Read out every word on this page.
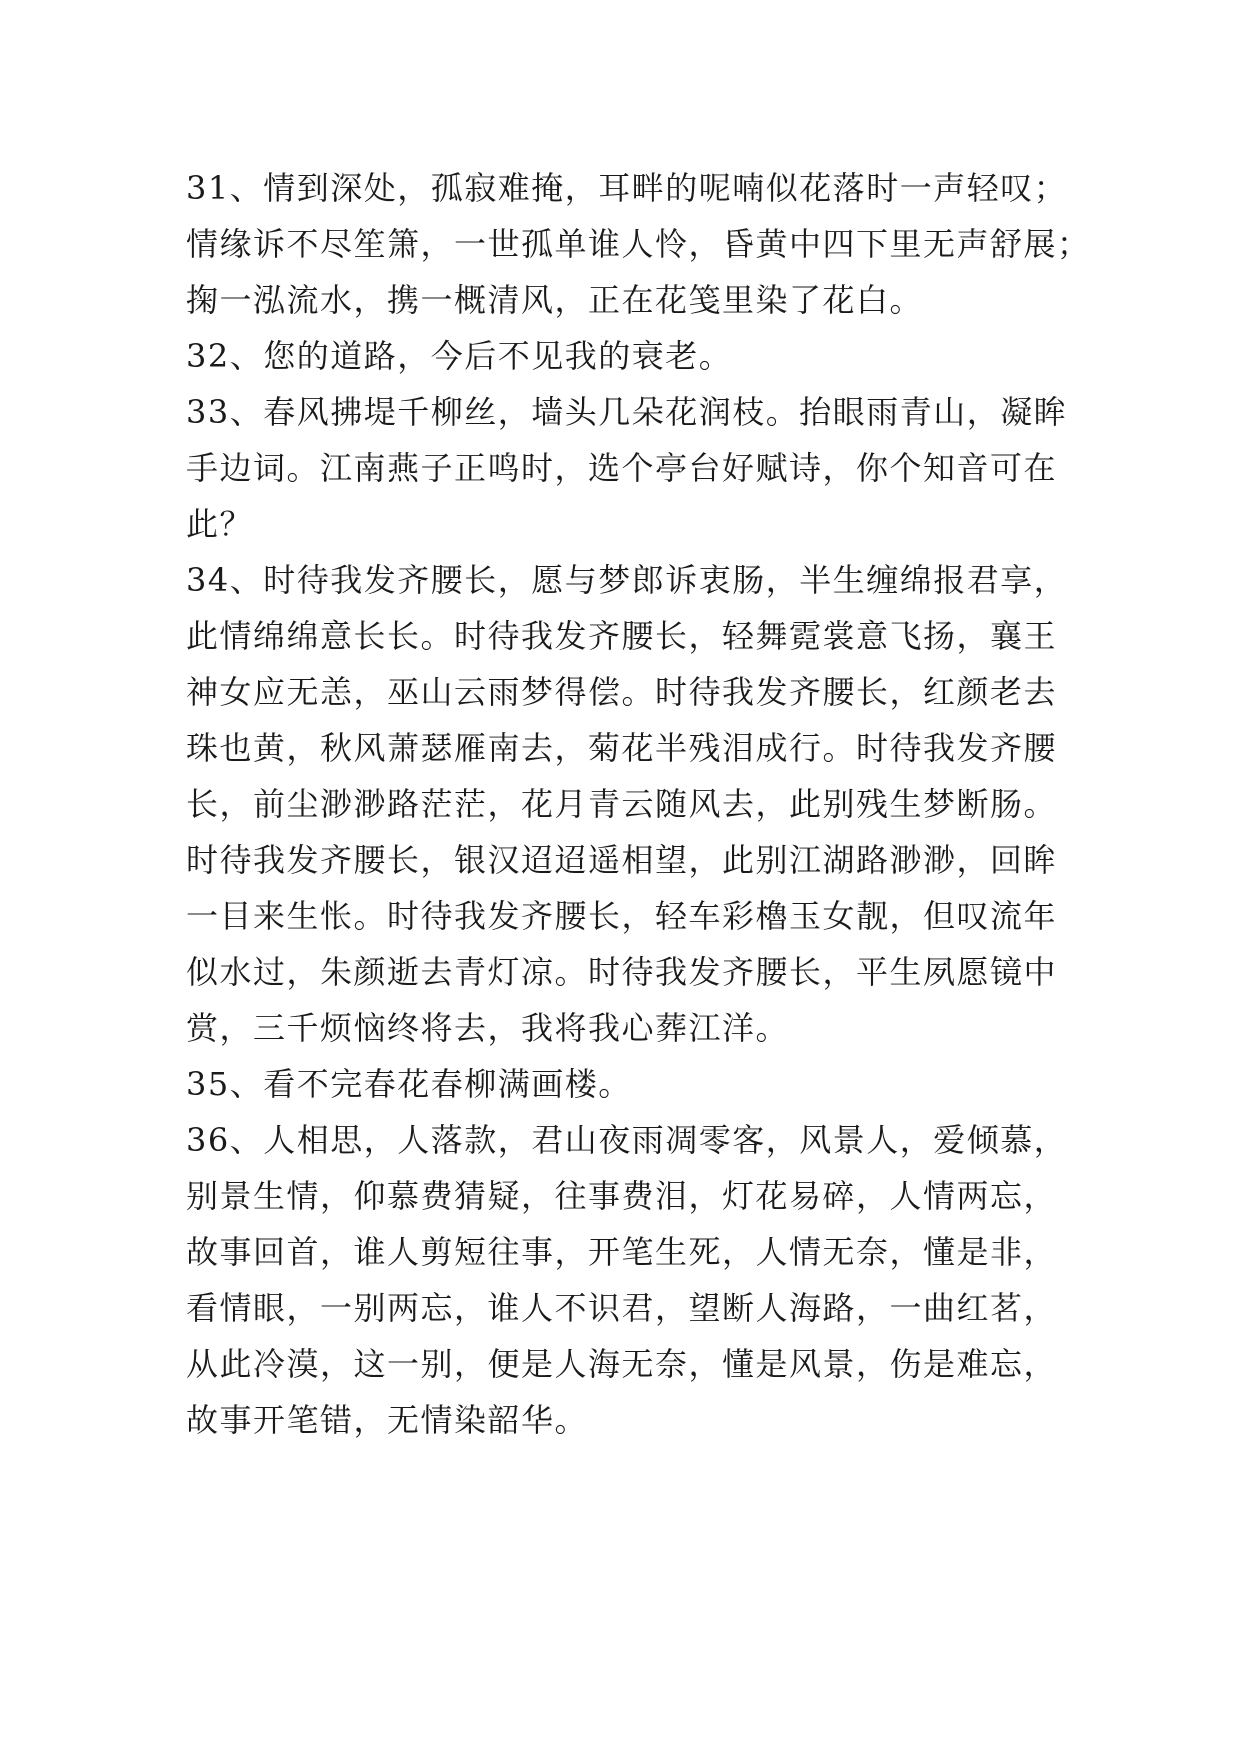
31、情到深处，孤寂难掩，耳畔的呢喃似花落时一声轻叹；
情缘诉不尽笙箫，一世孤单谁人怜，昏黄中四下里无声舒展；
掬一泓流水，携一概清风，正在花笺里染了花白。
32、您的道路，今后不见我的衰老。
33、春风拂堤千柳丝，墙头几朵花润枝。抬眼雨青山，凝眸
手边词。江南燕子正鸣时，选个亭台好赋诗，你个知音可在
此？
34、时待我发齐腰长，愿与梦郎诉衷肠，半生缠绵报君享，
此情绵绵意长长。时待我发齐腰长，轻舞霓裳意飞扬，襄王
神女应无恙，巫山云雨梦得偿。时待我发齐腰长，红颜老去
珠也黄，秋风萧瑟雁南去，菊花半残泪成行。时待我发齐腰
长，前尘渺渺路茫茫，花月青云随风去，此别残生梦断肠。
时待我发齐腰长，银汉迢迢遥相望，此别江湖路渺渺，回眸
一目来生怅。时待我发齐腰长，轻车彩櫓玉女靓，但叹流年
似水过，朱颜逝去青灯凉。时待我发齐腰长，平生夙愿镜中
赏，三千烦恼终将去，我将我心葬江洋。
35、看不完春花春柳满画楼。
36、人相思，人落款，君山夜雨凋零客，风景人，爱倾慕，
别景生情，仰慕费猜疑，往事费泪，灯花易碎，人情两忘，
故事回首，谁人剪短往事，开笔生死，人情无奈，懂是非，
看情眼，一别两忘，谁人不识君，望断人海路，一曲红茗，
从此冷漠，这一别，便是人海无奈，懂是风景，伤是难忘，
故事开笔错，无情染韶华。
